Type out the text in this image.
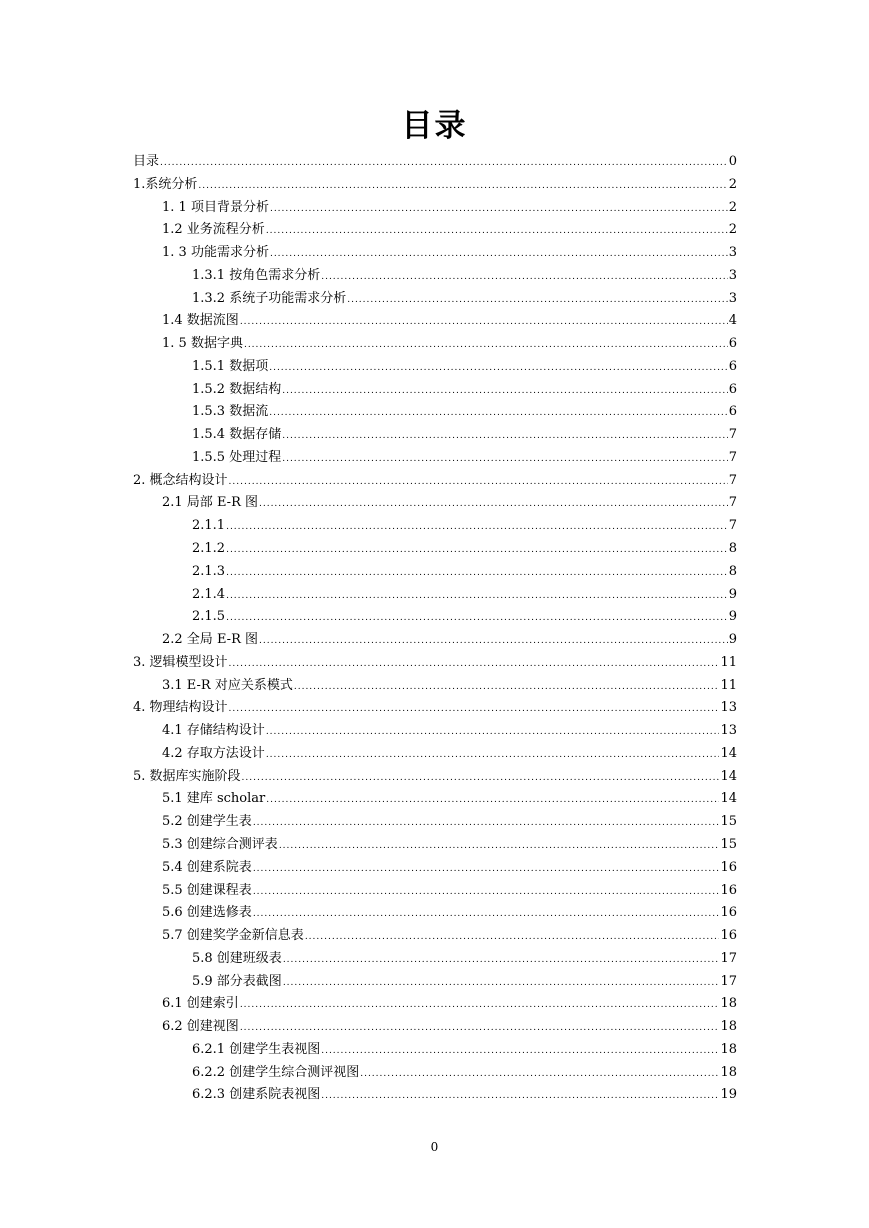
目录
目录 .....	0
1.系统分析 .....	2
1. 1 项目背景分析 .....	2
1.2 业务流程分析 .....	2
1. 3 功能需求分析 .....	3
1.3.1 按角色需求分析 .....	3
1.3.2 系统子功能需求分析 .....	3
1.4 数据流图 .....	4
1. 5 数据字典 .....	6
1.5.1 数据项 .....	6
1.5.2 数据结构 .....	6
1.5.3 数据流 .....	6
1.5.4 数据存储 .....	7
1.5.5 处理过程 .....	7
2. 概念结构设计 .....	7
2.1 局部 E-R 图 .....	7
2.1.1 .....	7
2.1.2 .....	8
2.1.3 .....	8
2.1.4 .....	9
2.1.5 .....	9
2.2 全局 E-R 图 .....	9
3. 逻辑模型设计 .....	11
3.1 E-R 对应关系模式 .....	11
4. 物理结构设计 .....	13
4.1 存储结构设计 .....	13
4.2 存取方法设计 .....	14
5. 数据库实施阶段 .....	14
5.1 建库 scholar .....	14
5.2 创建学生表 .....	15
5.3 创建综合测评表 .....	15
5.4 创建系院表 .....	16
5.5 创建课程表 .....	16
5.6 创建选修表 .....	16
5.7 创建奖学金新信息表 .....	16
5.8 创建班级表 .....	17
5.9 部分表截图 .....	17
6.1 创建索引 .....	18
6.2 创建视图 .....	18
6.2.1 创建学生表视图 .....	18
6.2.2 创建学生综合测评视图 .....	18
6.2.3 创建系院表视图 .....	19
0
